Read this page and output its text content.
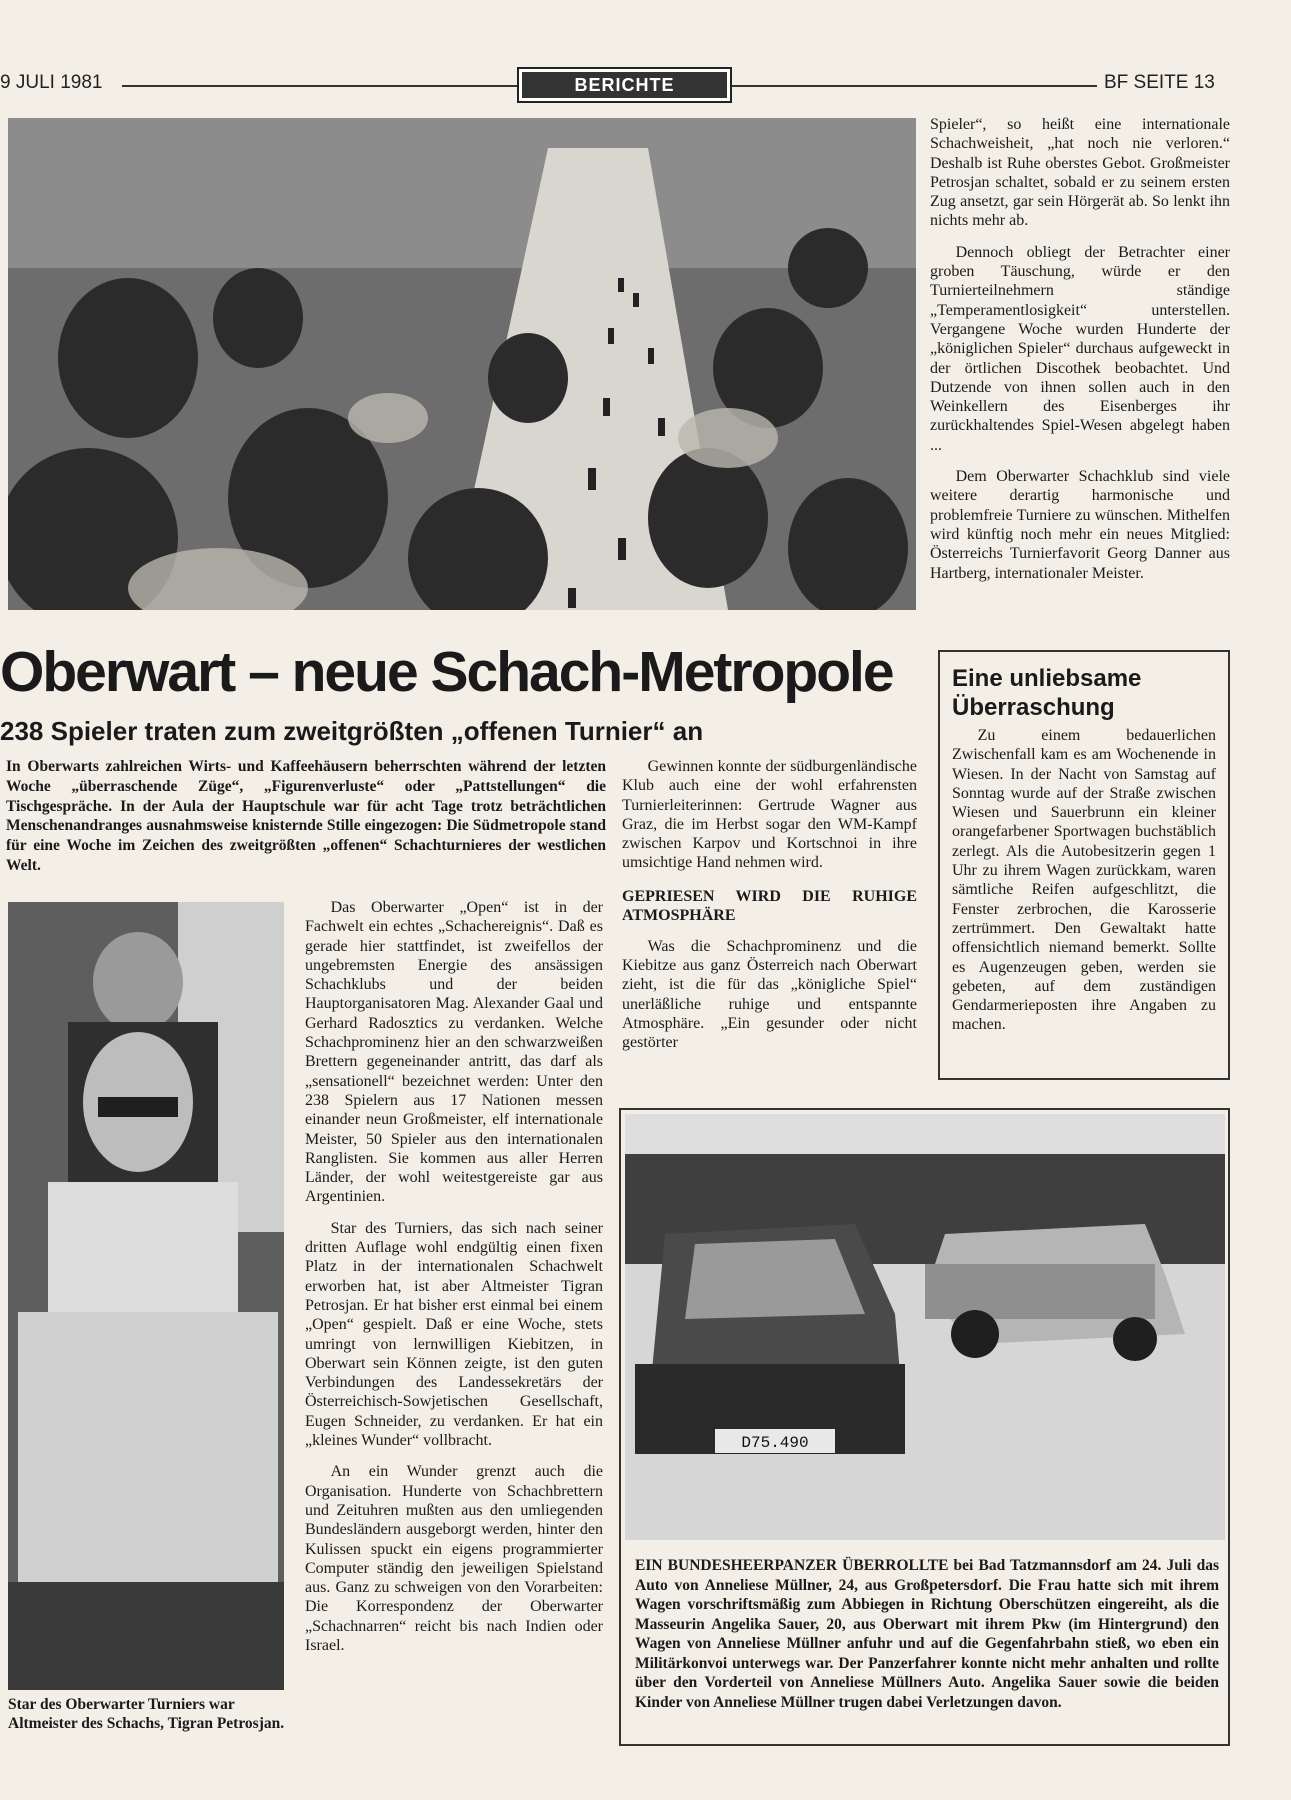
9 JULI 1981	BERICHTE	BF SEITE 13

Spieler“, so heißt eine internationale Schachweisheit, „hat noch nie verloren.“ Deshalb ist Ruhe oberstes Gebot. Großmeister Petrosjan schaltet, sobald er zu seinem ersten Zug ansetzt, gar sein Hörgerät ab. So lenkt ihn nichts mehr ab.

Dennoch obliegt der Betrachter einer groben Täuschung, würde er den Turnierteilnehmern ständige „Temperamentlosigkeit“ unterstellen. Vergangene Woche wurden Hunderte der „königlichen Spieler“ durchaus aufgeweckt in der örtlichen Discothek beobachtet. Und Dutzende von ihnen sollen auch in den Weinkellern des Eisenberges ihr zurückhaltendes Spiel-Wesen abgelegt haben ...

Dem Oberwarter Schachklub sind viele weitere derartig harmonische und problemfreie Turniere zu wünschen. Mithelfen wird künftig noch mehr ein neues Mitglied: Österreichs Turnierfavorit Georg Danner aus Hartberg, internationaler Meister.

Oberwart – neue Schach-Metropole
238 Spieler traten zum zweitgrößten „offenen Turnier“ an
In Oberwarts zahlreichen Wirts- und Kaffeehäusern beherrschten während der letzten Woche „überraschende Züge“, „Figurenverluste“ oder „Pattstellungen“ die Tischgespräche. In der Aula der Hauptschule war für acht Tage trotz beträchtlichen Menschenandranges ausnahmsweise knisternde Stille eingezogen: Die Südmetropole stand für eine Woche im Zeichen des zweitgrößten „offenen“ Schachturnieres der westlichen Welt.

Gewinnen konnte der südburgenländische Klub auch eine der wohl erfahrensten Turnierleiterinnen: Gertrude Wagner aus Graz, die im Herbst sogar den WM-Kampf zwischen Karpov und Kortschnoi in ihre umsichtige Hand nehmen wird.

GEPRIESEN WIRD DIE RUHIGE ATMOSPHÄRE

Was die Schachprominenz und die Kiebitze aus ganz Österreich nach Oberwart zieht, ist die für das „königliche Spiel“ unerläßliche ruhige und entspannte Atmosphäre. „Ein gesunder oder nicht gestörter

Star des Oberwarter Turniers war Altmeister des Schachs, Tigran Petrosjan.

Das Oberwarter „Open“ ist in der Fachwelt ein echtes „Schachereignis“. Daß es gerade hier stattfindet, ist zweifellos der ungebremsten Energie des ansässigen Schachklubs und der beiden Hauptorganisatoren Mag. Alexander Gaal und Gerhard Radosztics zu verdanken. Welche Schachprominenz hier an den schwarzweißen Brettern gegeneinander antritt, das darf als „sensationell“ bezeichnet werden: Unter den 238 Spielern aus 17 Nationen messen einander neun Großmeister, elf internationale Meister, 50 Spieler aus den internationalen Ranglisten. Sie kommen aus aller Herren Länder, der wohl weitestgereiste gar aus Argentinien.

Star des Turniers, das sich nach seiner dritten Auflage wohl endgültig einen fixen Platz in der internationalen Schachwelt erworben hat, ist aber Altmeister Tigran Petrosjan. Er hat bisher erst einmal bei einem „Open“ gespielt. Daß er eine Woche, stets umringt von lernwilligen Kiebitzen, in Oberwart sein Können zeigte, ist den guten Verbindungen des Landessekretärs der Österreichisch-Sowjetischen Gesellschaft, Eugen Schneider, zu verdanken. Er hat ein „kleines Wunder“ vollbracht.

An ein Wunder grenzt auch die Organisation. Hunderte von Schachbrettern und Zeituhren mußten aus den umliegenden Bundesländern ausgeborgt werden, hinter den Kulissen spuckt ein eigens programmierter Computer ständig den jeweiligen Spielstand aus. Ganz zu schweigen von den Vorarbeiten: Die Korrespondenz der Oberwarter „Schachnarren“ reicht bis nach Indien oder Israel.

Eine unliebsame Überraschung
Zu einem bedauerlichen Zwischenfall kam es am Wochenende in Wiesen. In der Nacht von Samstag auf Sonntag wurde auf der Straße zwischen Wiesen und Sauerbrunn ein kleiner orangefarbener Sportwagen buchstäblich zerlegt. Als die Autobesitzerin gegen 1 Uhr zu ihrem Wagen zurückkam, waren sämtliche Reifen aufgeschlitzt, die Fenster zerbrochen, die Karosserie zertrümmert. Den Gewaltakt hatte offensichtlich niemand bemerkt. Sollte es Augenzeugen geben, werden sie gebeten, auf dem zuständigen Gendarmerieposten ihre Angaben zu machen.
D75.490
EIN BUNDESHEERPANZER ÜBERROLLTE bei Bad Tatzmannsdorf am 24. Juli das Auto von Anneliese Müllner, 24, aus Großpetersdorf. Die Frau hatte sich mit ihrem Wagen vorschriftsmäßig zum Abbiegen in Richtung Oberschützen eingereiht, als die Masseurin Angelika Sauer, 20, aus Oberwart mit ihrem Pkw (im Hintergrund) den Wagen von Anneliese Müllner anfuhr und auf die Gegenfahrbahn stieß, wo eben ein Militärkonvoi unterwegs war. Der Panzerfahrer konnte nicht mehr anhalten und rollte über den Vorderteil von Anneliese Müllners Auto. Angelika Sauer sowie die beiden Kinder von Anneliese Müllner trugen dabei Verletzungen davon.
